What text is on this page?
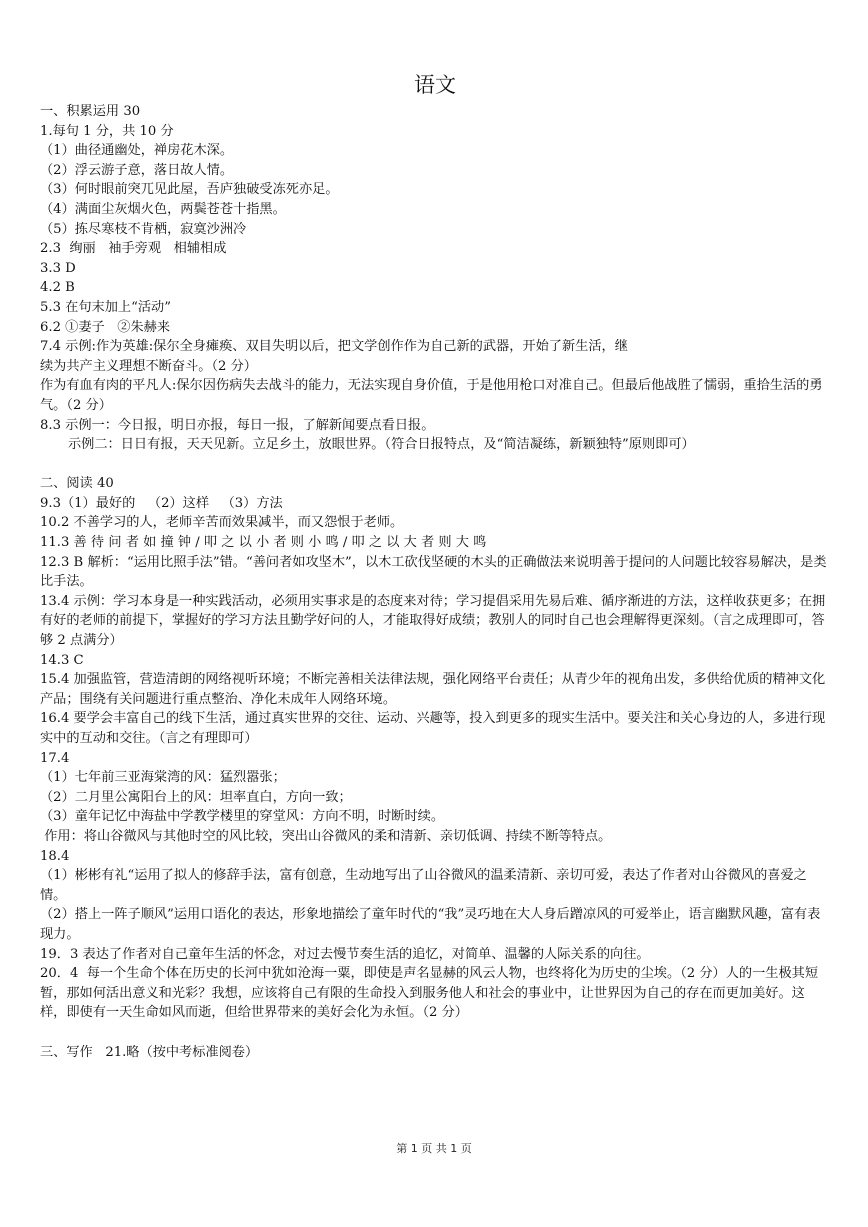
语文
一、积累运用 30
1.每句 1 分，共 10 分
（1）曲径通幽处，禅房花木深。
（2）浮云游子意，落日故人情。
（3）何时眼前突兀见此屋，吾庐独破受冻死亦足。
（4）满面尘灰烟火色，两鬓苍苍十指黑。
（5）拣尽寒枝不肯栖，寂寞沙洲冷
2.3  绚丽   袖手旁观   相辅相成
3.3 D
4.2 B
5.3 在句末加上“活动”
6.2 ①妻子   ②朱赫来
7.4 示例:作为英雄:保尔全身瘫痪、双目失明以后，把文学创作作为自己新的武器，开始了新生活，继
续为共产主义理想不断奋斗。（2 分）
作为有血有肉的平凡人:保尔因伤病失去战斗的能力，无法实现自身价值，于是他用枪口对准自己。但最后他战胜了懦弱，重拾生活的勇气。（2 分）
8.3 示例一：今日报，明日亦报，每日一报，了解新闻要点看日报。
示例二：日日有报，天天见新。立足乡土，放眼世界。（符合日报特点，及“简洁凝练，新颖独特”原则即可）
二、阅读 40
9.3（1）最好的   （2）这样   （3）方法
10.2 不善学习的人，老师辛苦而效果减半，而又怨恨于老师。
11.3 善 待 问 者 如 撞 钟 / 叩 之 以 小 者 则 小 鸣 / 叩 之 以 大 者 则 大 鸣
12.3 B 解析：“运用比照手法”错。“善问者如攻坚木”，以木工砍伐坚硬的木头的正确做法来说明善于提问的人问题比较容易解决，是类比手法。
13.4 示例：学习本身是一种实践活动，必须用实事求是的态度来对待；学习提倡采用先易后难、循序渐进的方法，这样收获更多；在拥有好的老师的前提下，掌握好的学习方法且勤学好问的人，才能取得好成绩；教别人的同时自己也会理解得更深刻。（言之成理即可，答够 2 点满分）
14.3 C
15.4 加强监管，营造清朗的网络视听环境；不断完善相关法律法规，强化网络平台责任；从青少年的视角出发，多供给优质的精神文化产品；围绕有关问题进行重点整治、净化未成年人网络环境。
16.4 要学会丰富自己的线下生活，通过真实世界的交往、运动、兴趣等，投入到更多的现实生活中。要关注和关心身边的人，多进行现实中的互动和交往。（言之有理即可）
17.4
（1）七年前三亚海棠湾的风：猛烈嚣张；
（2）二月里公寓阳台上的风：坦率直白，方向一致；
（3）童年记忆中海盐中学教学楼里的穿堂风：方向不明，时断时续。
作用：将山谷微风与其他时空的风比较，突出山谷微风的柔和清新、亲切低调、持续不断等特点。
18.4
（1）彬彬有礼“运用了拟人的修辞手法，富有创意，生动地写出了山谷微风的温柔清新、亲切可爱，表达了作者对山谷微风的喜爱之情。
（2）搭上一阵子顺风”运用口语化的表达，形象地描绘了童年时代的“我”灵巧地在大人身后蹭凉风的可爱举止，语言幽默风趣，富有表现力。
19．3 表达了作者对自己童年生活的怀念，对过去慢节奏生活的追忆，对简单、温馨的人际关系的向往。
20．4  每一个生命个体在历史的长河中犹如沧海一粟，即使是声名显赫的风云人物，也终将化为历史的尘埃。（2 分）人的一生极其短暂，那如何活出意义和光彩？我想，应该将自己有限的生命投入到服务他人和社会的事业中，让世界因为自己的存在而更加美好。这样，即使有一天生命如风而逝，但给世界带来的美好会化为永恒。（2 分）
三、写作   21.略（按中考标准阅卷）
第 1 页 共 1 页
